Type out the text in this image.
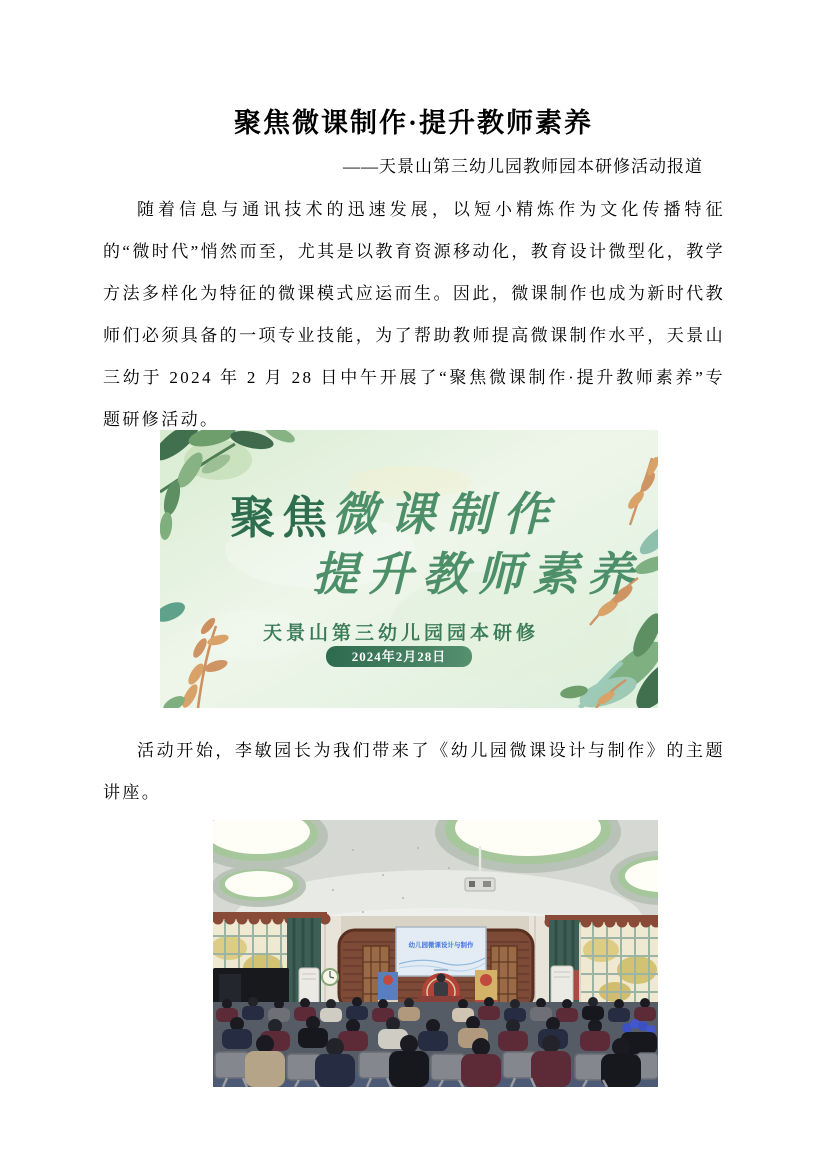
聚焦微课制作·提升教师素养
——天景山第三幼儿园教师园本研修活动报道

随着信息与通讯技术的迅速发展，以短小精炼作为文化传播特征的“微时代”悄然而至，尤其是以教育资源移动化，教育设计微型化，教学方法多样化为特征的微课模式应运而生。因此，微课制作也成为新时代教师们必须具备的一项专业技能，为了帮助教师提高微课制作水平，天景山三幼于 2024 年 2 月 28 日中午开展了“聚焦微课制作·提升教师素养”专题研修活动。

聚焦
微课制作
提升教师素养
天景山第三幼儿园园本研修
2024年2月28日

活动开始，李敏园长为我们带来了《幼儿园微课设计与制作》的主题讲座。

幼儿园微课设计与制作
